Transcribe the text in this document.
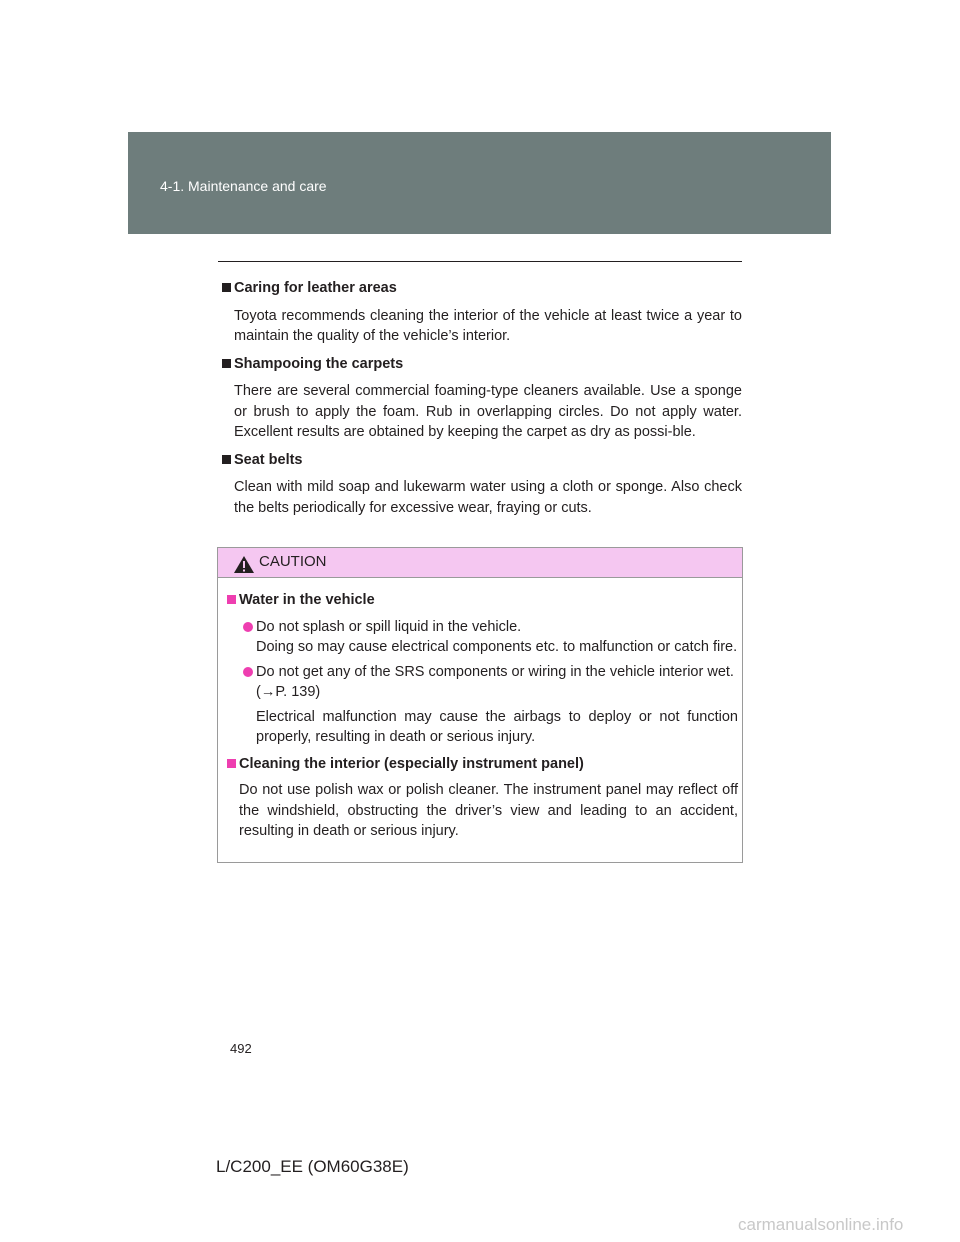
4-1. Maintenance and care
Caring for leather areas
Toyota recommends cleaning the interior of the vehicle at least twice a year to maintain the quality of the vehicle’s interior.
Shampooing the carpets
There are several commercial foaming-type cleaners available. Use a sponge or brush to apply the foam. Rub in overlapping circles. Do not apply water. Excellent results are obtained by keeping the carpet as dry as possi-ble.
Seat belts
Clean with mild soap and lukewarm water using a cloth or sponge. Also check the belts periodically for excessive wear, fraying or cuts.
CAUTION
Water in the vehicle
Do not splash or spill liquid in the vehicle.
Doing so may cause electrical components etc. to malfunction or catch fire.
Do not get any of the SRS components or wiring in the vehicle interior wet.
(→P. 139)
Electrical malfunction may cause the airbags to deploy or not function properly, resulting in death or serious injury.
Cleaning the interior (especially instrument panel)
Do not use polish wax or polish cleaner. The instrument panel may reflect off the windshield, obstructing the driver’s view and leading to an accident, resulting in death or serious injury.
492
L/C200_EE (OM60G38E)
carmanualsonline.info
